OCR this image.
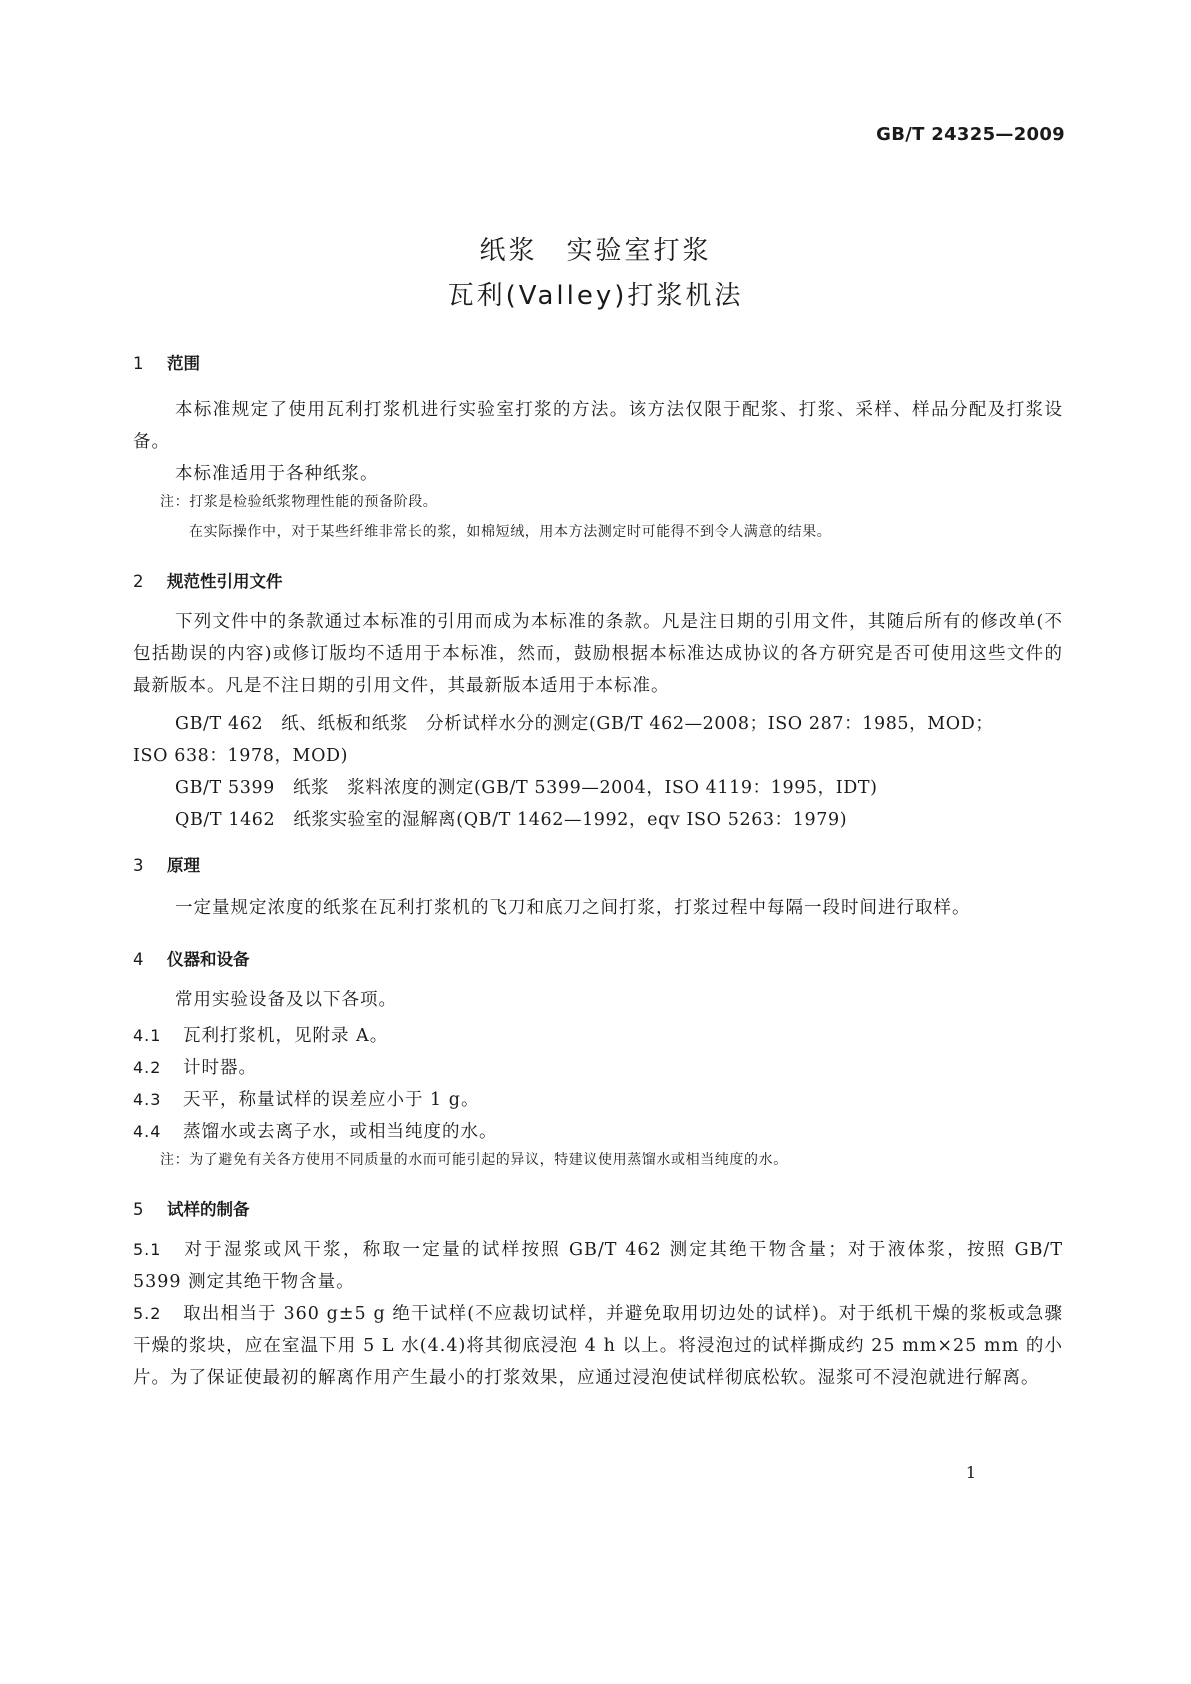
GB/T 24325—2009
纸浆　实验室打浆
瓦利(Valley)打浆机法
1 范围

本标准规定了使用瓦利打浆机进行实验室打浆的方法。该方法仅限于配浆、打浆、采样、样品分配及打浆设备。

本标准适用于各种纸浆。

注：打浆是检验纸浆物理性能的预备阶段。
在实际操作中，对于某些纤维非常长的浆，如棉短绒，用本方法测定时可能得不到令人满意的结果。
2 规范性引用文件

下列文件中的条款通过本标准的引用而成为本标准的条款。凡是注日期的引用文件，其随后所有的修改单(不包括勘误的内容)或修订版均不适用于本标准，然而，鼓励根据本标准达成协议的各方研究是否可使用这些文件的最新版本。凡是不注日期的引用文件，其最新版本适用于本标准。

GB/T 462　纸、纸板和纸浆　分析试样水分的测定(GB/T 462—2008；ISO 287：1985，MOD；
ISO 638：1978，MOD)
GB/T 5399　纸浆　浆料浓度的测定(GB/T 5399—2004，ISO 4119：1995，IDT)
QB/T 1462　纸浆实验室的湿解离(QB/T 1462—1992，eqv ISO 5263：1979)
3 原理

一定量规定浓度的纸浆在瓦利打浆机的飞刀和底刀之间打浆，打浆过程中每隔一段时间进行取样。

4 仪器和设备

常用实验设备及以下各项。

4.1 瓦利打浆机，见附录 A。
4.2 计时器。
4.3 天平，称量试样的误差应小于 1 g。
4.4 蒸馏水或去离子水，或相当纯度的水。
注：为了避免有关各方使用不同质量的水而可能引起的异议，特建议使用蒸馏水或相当纯度的水。
5 试样的制备
5.1 对于湿浆或风干浆，称取一定量的试样按照 GB/T 462 测定其绝干物含量；对于液体浆，按照 GB/T 5399 测定其绝干物含量。
5.2 取出相当于 360 g±5 g 绝干试样(不应裁切试样，并避免取用切边处的试样)。对于纸机干燥的浆板或急骤干燥的浆块，应在室温下用 5 L 水(4.4)将其彻底浸泡 4 h 以上。将浸泡过的试样撕成约 25 mm×25 mm 的小片。为了保证使最初的解离作用产生最小的打浆效果，应通过浸泡使试样彻底松软。湿浆可不浸泡就进行解离。
1
